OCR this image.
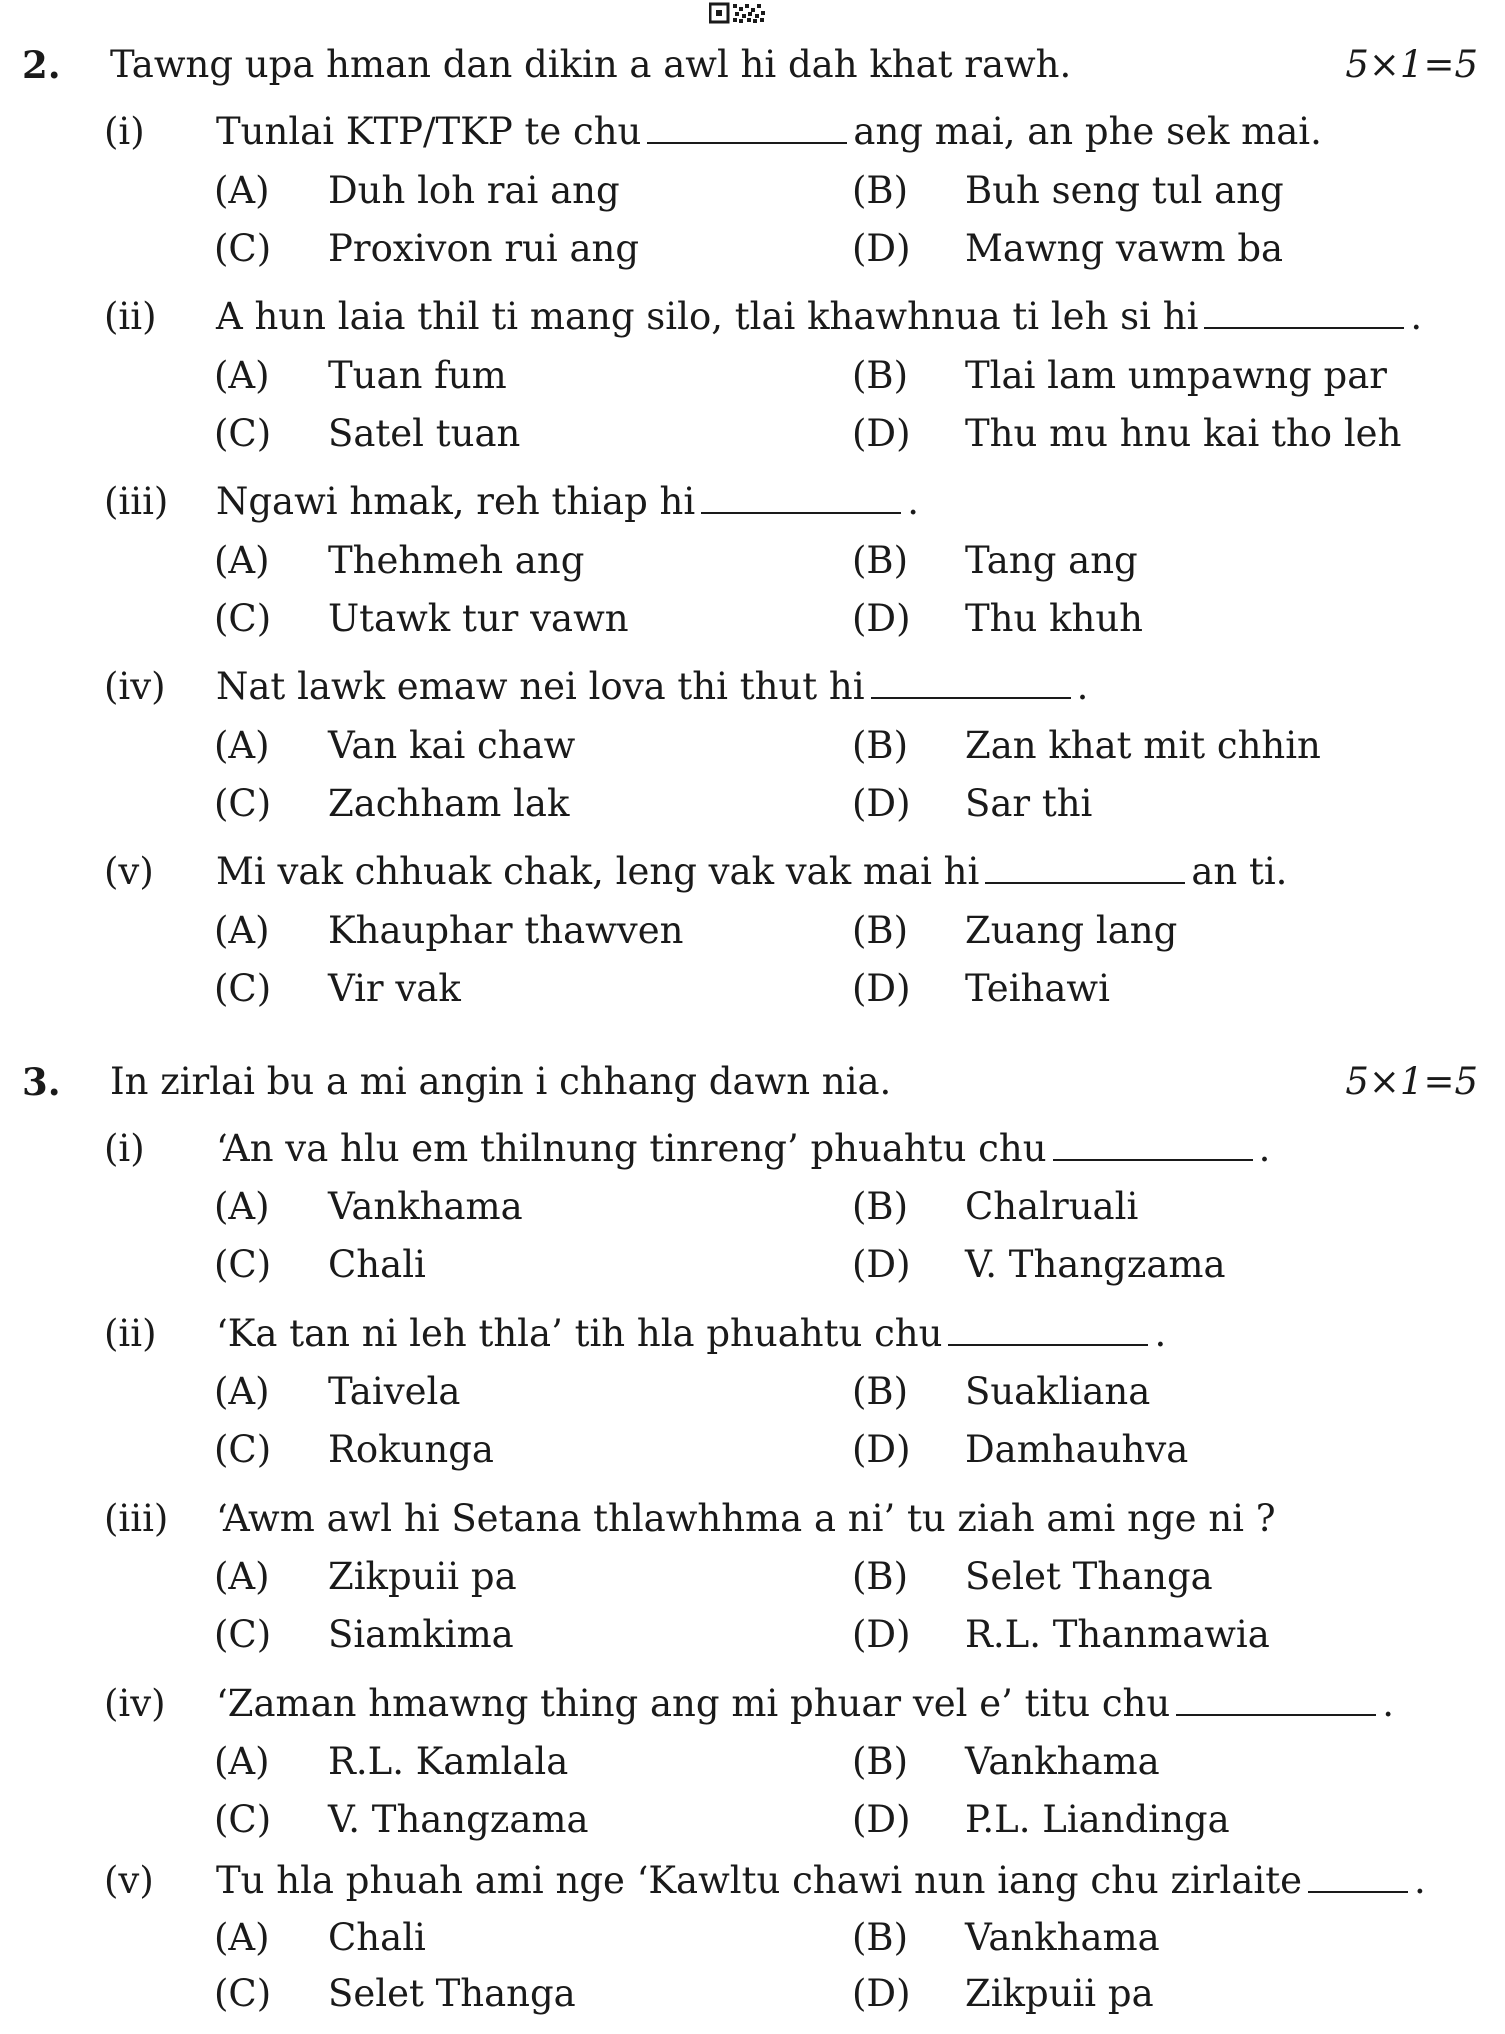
2. Tawng upa hman dan dikin a awl hi dah khat rawh.	5×1=5
(i) Tunlai KTP/TKP te chu	ang mai, an phe sek mai.
(A) Duh loh rai ang	(B) Buh seng tul ang
(C) Proxivon rui ang	(D) Mawng vawm ba
(ii) A hun laia thil ti mang silo, tlai khawhnua ti leh si hi	.
(A) Tuan fum	(B) Tlai lam umpawng par
(C) Satel tuan	(D) Thu mu hnu kai tho leh
(iii) Ngawi hmak, reh thiap hi	.
(A) Thehmeh ang	(B) Tang ang
(C) Utawk tur vawn	(D) Thu khuh
(iv) Nat lawk emaw nei lova thi thut hi	.
(A) Van kai chaw	(B) Zan khat mit chhin
(C) Zachham lak	(D) Sar thi
(v) Mi vak chhuak chak, leng vak vak mai hi	an ti.
(A) Khauphar thawven	(B) Zuang lang
(C) Vir vak	(D) Teihawi
3. In zirlai bu a mi angin i chhang dawn nia.	5×1=5
(i) ‘An va hlu em thilnung tinreng’ phuahtu chu	.
(A) Vankhama	(B) Chalruali
(C) Chali	(D) V. Thangzama
(ii) ‘Ka tan ni leh thla’ tih hla phuahtu chu	.
(A) Taivela	(B) Suakliana
(C) Rokunga	(D) Damhauhva
(iii) ‘Awm awl hi Setana thlawhhma a ni’ tu ziah ami nge ni ?
(A) Zikpuii pa	(B) Selet Thanga
(C) Siamkima	(D) R.L. Thanmawia
(iv) ‘Zaman hmawng thing ang mi phuar vel e’ titu chu	.
(A) R.L. Kamlala	(B) Vankhama
(C) V. Thangzama	(D) P.L. Liandinga
(v) Tu hla phuah ami nge ‘Kawltu chawi nun iang chu zirlaite	.
(A) Chali	(B) Vankhama
(C) Selet Thanga	(D) Zikpuii pa
